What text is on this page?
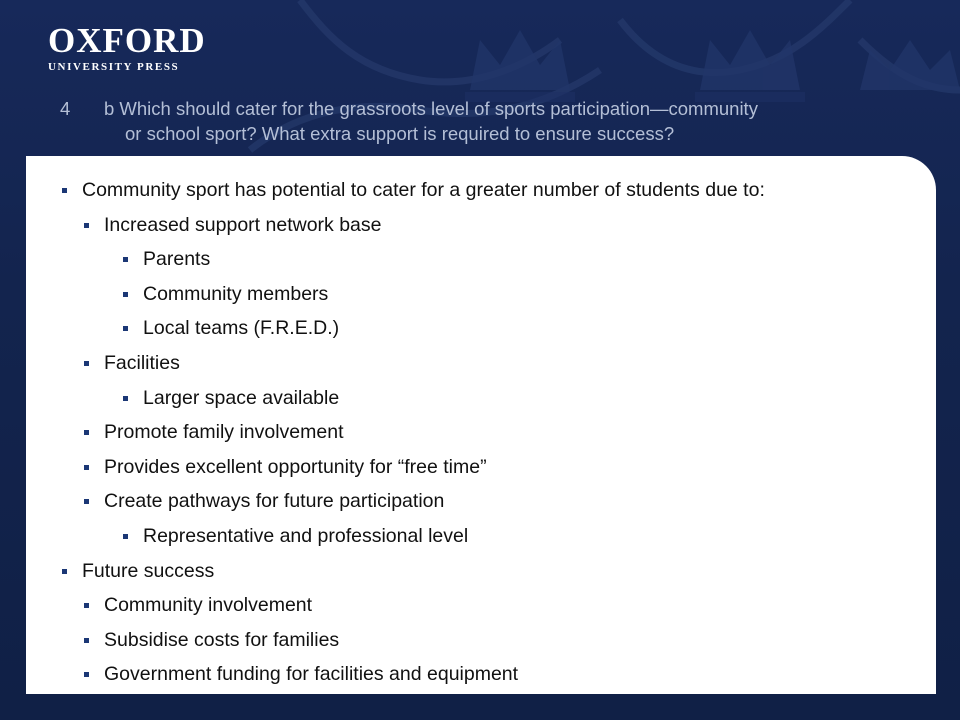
OXFORD
UNIVERSITY PRESS
4 b Which should cater for the grassroots level of sports participation—community
or school sport? What extra support is required to ensure success?
Community sport has potential to cater for a greater number of students due to:
Increased support network base
Parents
Community members
Local teams (F.R.E.D.)
Facilities
Larger space available
Promote family involvement
Provides excellent opportunity for “free time”
Create pathways for future participation
Representative and professional level
Future success
Community involvement
Subsidise costs for families
Government funding for facilities and equipment
